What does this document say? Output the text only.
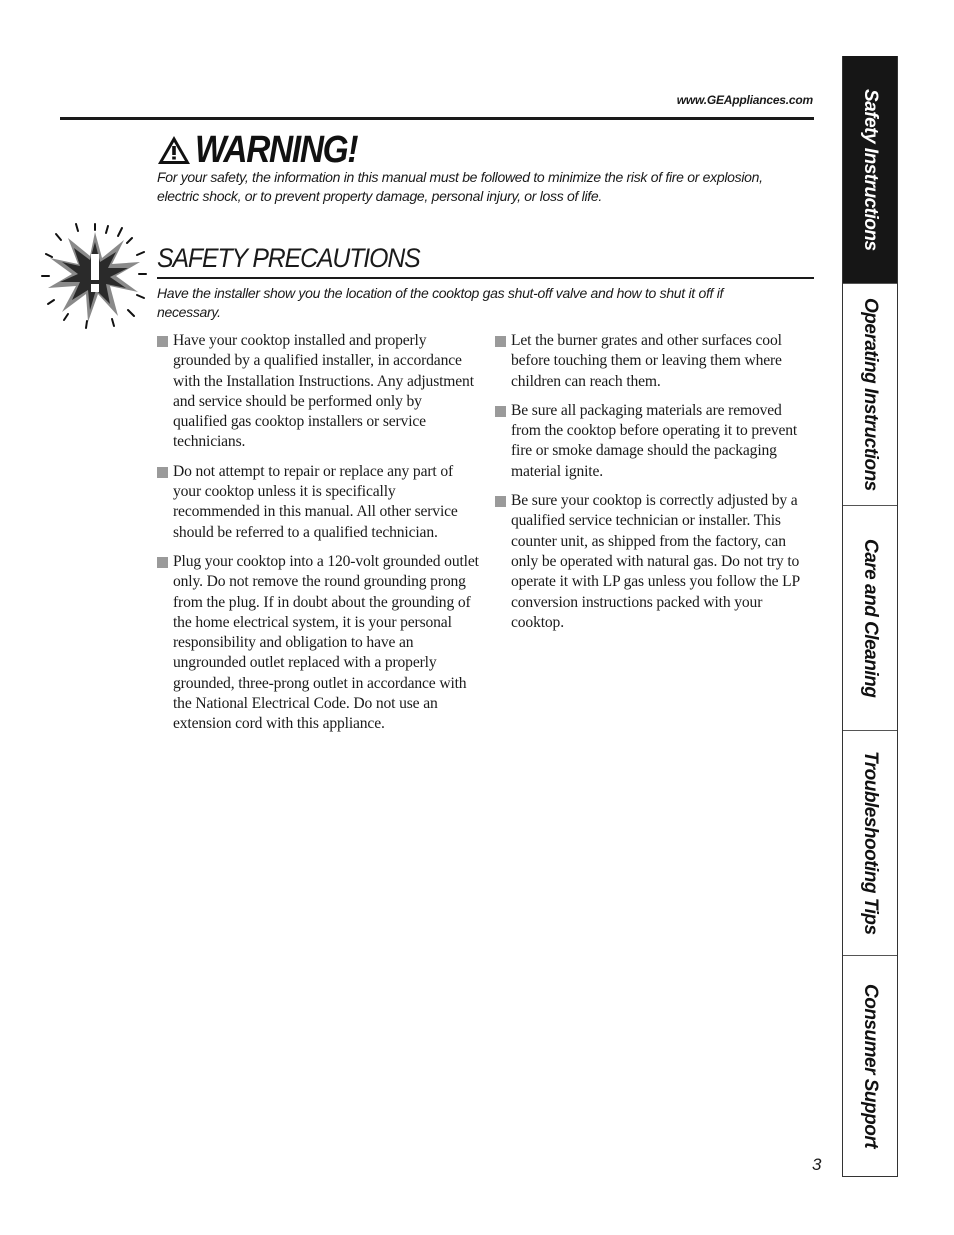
www.GEAppliances.com
WARNING!
For your safety, the information in this manual must be followed to minimize the risk of fire or explosion, electric shock, or to prevent property damage, personal injury, or loss of life.
SAFETY PRECAUTIONS
Have the installer show you the location of the cooktop gas shut-off valve and how to shut it off if necessary.
Have your cooktop installed and properly grounded by a qualified installer, in accordance with the Installation Instructions. Any adjustment and service should be performed only by qualified gas cooktop installers or service technicians.
Do not attempt to repair or replace any part of your cooktop unless it is specifically recommended in this manual. All other service should be referred to a qualified technician.
Plug your cooktop into a 120-volt grounded outlet only. Do not remove the round grounding prong from the plug. If in doubt about the grounding of the home electrical system, it is your personal responsibility and obligation to have an ungrounded outlet replaced with a properly grounded, three-prong outlet in accordance with the National Electrical Code. Do not use an extension cord with this appliance.
Let the burner grates and other surfaces cool before touching them or leaving them where children can reach them.
Be sure all packaging materials are removed from the cooktop before operating it to prevent fire or smoke damage should the packaging material ignite.
Be sure your cooktop is correctly adjusted by a qualified service technician or installer. This counter unit, as shipped from the factory, can only be operated with natural gas. Do not try to operate it with LP gas unless you follow the LP conversion instructions packed with your cooktop.
3
Safety Instructions
Operating Instructions
Care and Cleaning
Troubleshooting Tips
Consumer Support
